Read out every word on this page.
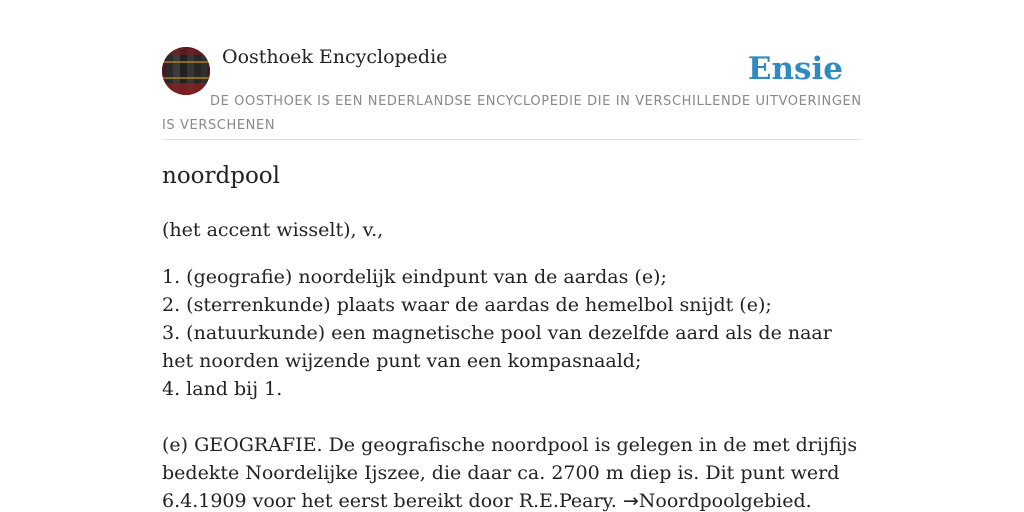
Oosthoek Encyclopedie	Ensie

DE OOSTHOEK IS EEN NEDERLANDSE ENCYCLOPEDIE DIE IN VERSCHILLENDE UITVOERINGEN IS VERSCHENEN

noordpool

(het accent wisselt), v.,

1. (geografie) noordelijk eindpunt van de aardas (e);

2. (sterrenkunde) plaats waar de aardas de hemelbol snijdt (e);

3. (natuurkunde) een magnetische pool van dezelfde aard als de naar het noorden wijzende punt van een kompasnaald;

4. land bij 1.

(e) GEOGRAFIE. De geografische noordpool is gelegen in de met drijfijs bedekte Noordelijke Ijszee, die daar ca. 2700 m diep is. Dit punt werd 6.4.1909 voor het eerst bereikt door R.E.Peary. →Noordpoolgebied.
